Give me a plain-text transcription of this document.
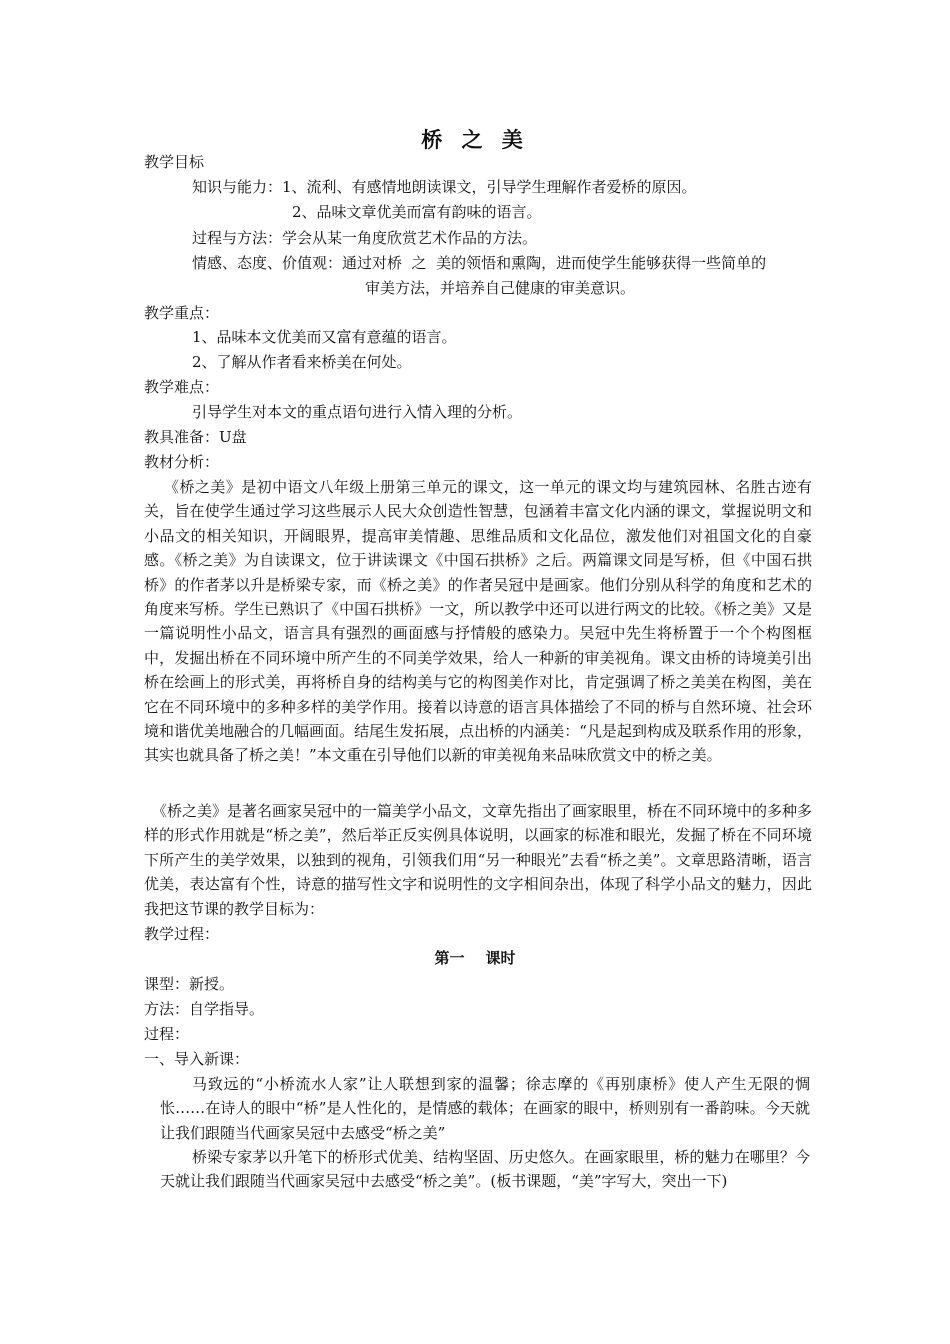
桥 之 美
教学目标
知识与能力：1、流利、有感情地朗读课文，引导学生理解作者爱桥的原因。
2、品味文章优美而富有韵味的语言。
过程与方法：学会从某一角度欣赏艺术作品的方法。
情感、态度、价值观：通过对桥  之  美的领悟和熏陶，进而使学生能够获得一些简单的
审美方法，并培养自己健康的审美意识。
教学重点：
1、品味本文优美而又富有意蕴的语言。
2、了解从作者看来桥美在何处。
教学难点：
引导学生对本文的重点语句进行入情入理的分析。
教具准备：U盘
教材分析：
《桥之美》是初中语文八年级上册第三单元的课文，这一单元的课文均与建筑园林、名胜古迹有关，旨在使学生通过学习这些展示人民大众创造性智慧，包涵着丰富文化内涵的课文，掌握说明文和小品文的相关知识，开阔眼界，提高审美情趣、思维品质和文化品位，激发他们对祖国文化的自豪感。《桥之美》为自读课文，位于讲读课文《中国石拱桥》之后。两篇课文同是写桥，但《中国石拱桥》的作者茅以升是桥梁专家，而《桥之美》的作者吴冠中是画家。他们分别从科学的角度和艺术的角度来写桥。学生已熟识了《中国石拱桥》一文，所以教学中还可以进行两文的比较。《桥之美》又是一篇说明性小品文，语言具有强烈的画面感与抒情般的感染力。吴冠中先生将桥置于一个个构图框中，发掘出桥在不同环境中所产生的不同美学效果，给人一种新的审美视角。课文由桥的诗境美引出桥在绘画上的形式美，再将桥自身的结构美与它的构图美作对比，肯定强调了桥之美美在构图，美在它在不同环境中的多种多样的美学作用。接着以诗意的语言具体描绘了不同的桥与自然环境、社会环境和谐优美地融合的几幅画面。结尾生发拓展，点出桥的内涵美：“凡是起到构成及联系作用的形象，其实也就具备了桥之美！”本文重在引导他们以新的审美视角来品味欣赏文中的桥之美。
《桥之美》是著名画家吴冠中的一篇美学小品文，文章先指出了画家眼里，桥在不同环境中的多种多样的形式作用就是“桥之美”，然后举正反实例具体说明，以画家的标准和眼光，发掘了桥在不同环境下所产生的美学效果，以独到的视角，引领我们用“另一种眼光”去看“桥之美”。文章思路清晰，语言优美，表达富有个性，诗意的描写性文字和说明性的文字相间杂出，体现了科学小品文的魅力，因此我把这节课的教学目标为：
教学过程：
第一 课时
课型：新授。
方法：自学指导。
过程：
一、导入新课：
马致远的“小桥流水人家”让人联想到家的温馨；徐志摩的《再别康桥》使人产生无限的惆怅……在诗人的眼中“桥”是人性化的，是情感的载体；在画家的眼中，桥则别有一番韵味。今天就让我们跟随当代画家吴冠中去感受“桥之美”
桥梁专家茅以升笔下的桥形式优美、结构坚固、历史悠久。在画家眼里，桥的魅力在哪里？今天就让我们跟随当代画家吴冠中去感受“桥之美”。(板书课题，“美”字写大，突出一下)
